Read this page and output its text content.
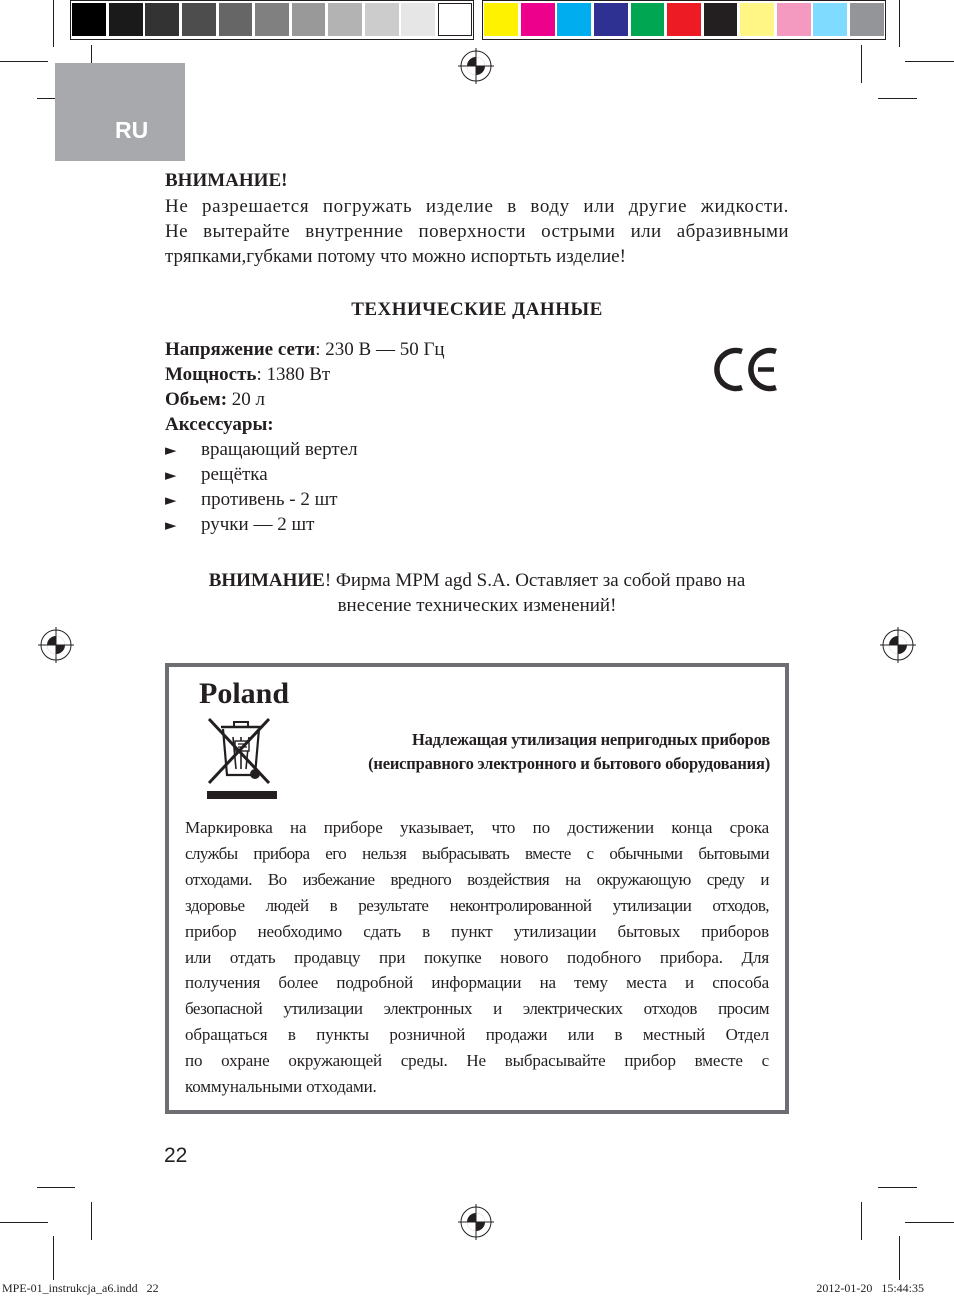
RU
ВНИМАНИЕ!
Не разрешается погружать изделие в воду или другие жидкости.
Не вытерайте внутренние поверхности острыми или абразивными
тряпками,губками потому что можно испортьть изделие!
ТЕХНИЧЕСКИЕ ДАННЫЕ
Напряжение сети: 230 В — 50 Гц
Мощность: 1380 Вт
Обьем: 20 л
Аксессуары:
► вращающий вертел
► рещётка
► противень - 2 шт
► ручки — 2 шт
ВНИМАНИЕ! Фирма MPM agd S.A. Оставляет за собой право на
внесение технических изменений!
Poland
Надлежащая утилизация непригодных приборов
(неисправного электронного и бытового оборудования)
Маркировка на приборе указывает, что по достижении конца срока
службы прибора его нельзя выбрасывать вместе с обычными бытовыми
отходами. Во избежание вредного воздействия на окружающую среду и
здоровье людей в результате неконтролированной утилизации отходов,
прибор необходимо сдать в пункт утилизации бытовых приборов
или отдать продавцу при покупке нового подобного прибора. Для
получения более подробной информации на тему места и способа
безопасной утилизации электронных и электрических отходов просим
обращаться в пункты розничной продажи или в местный Отдел
по охране окружающей среды. Не выбрасывайте прибор вместе с
коммунальными отходами.
22
MPE-01_instrukcja_a6.indd   22	2012-01-20   15:44:35
